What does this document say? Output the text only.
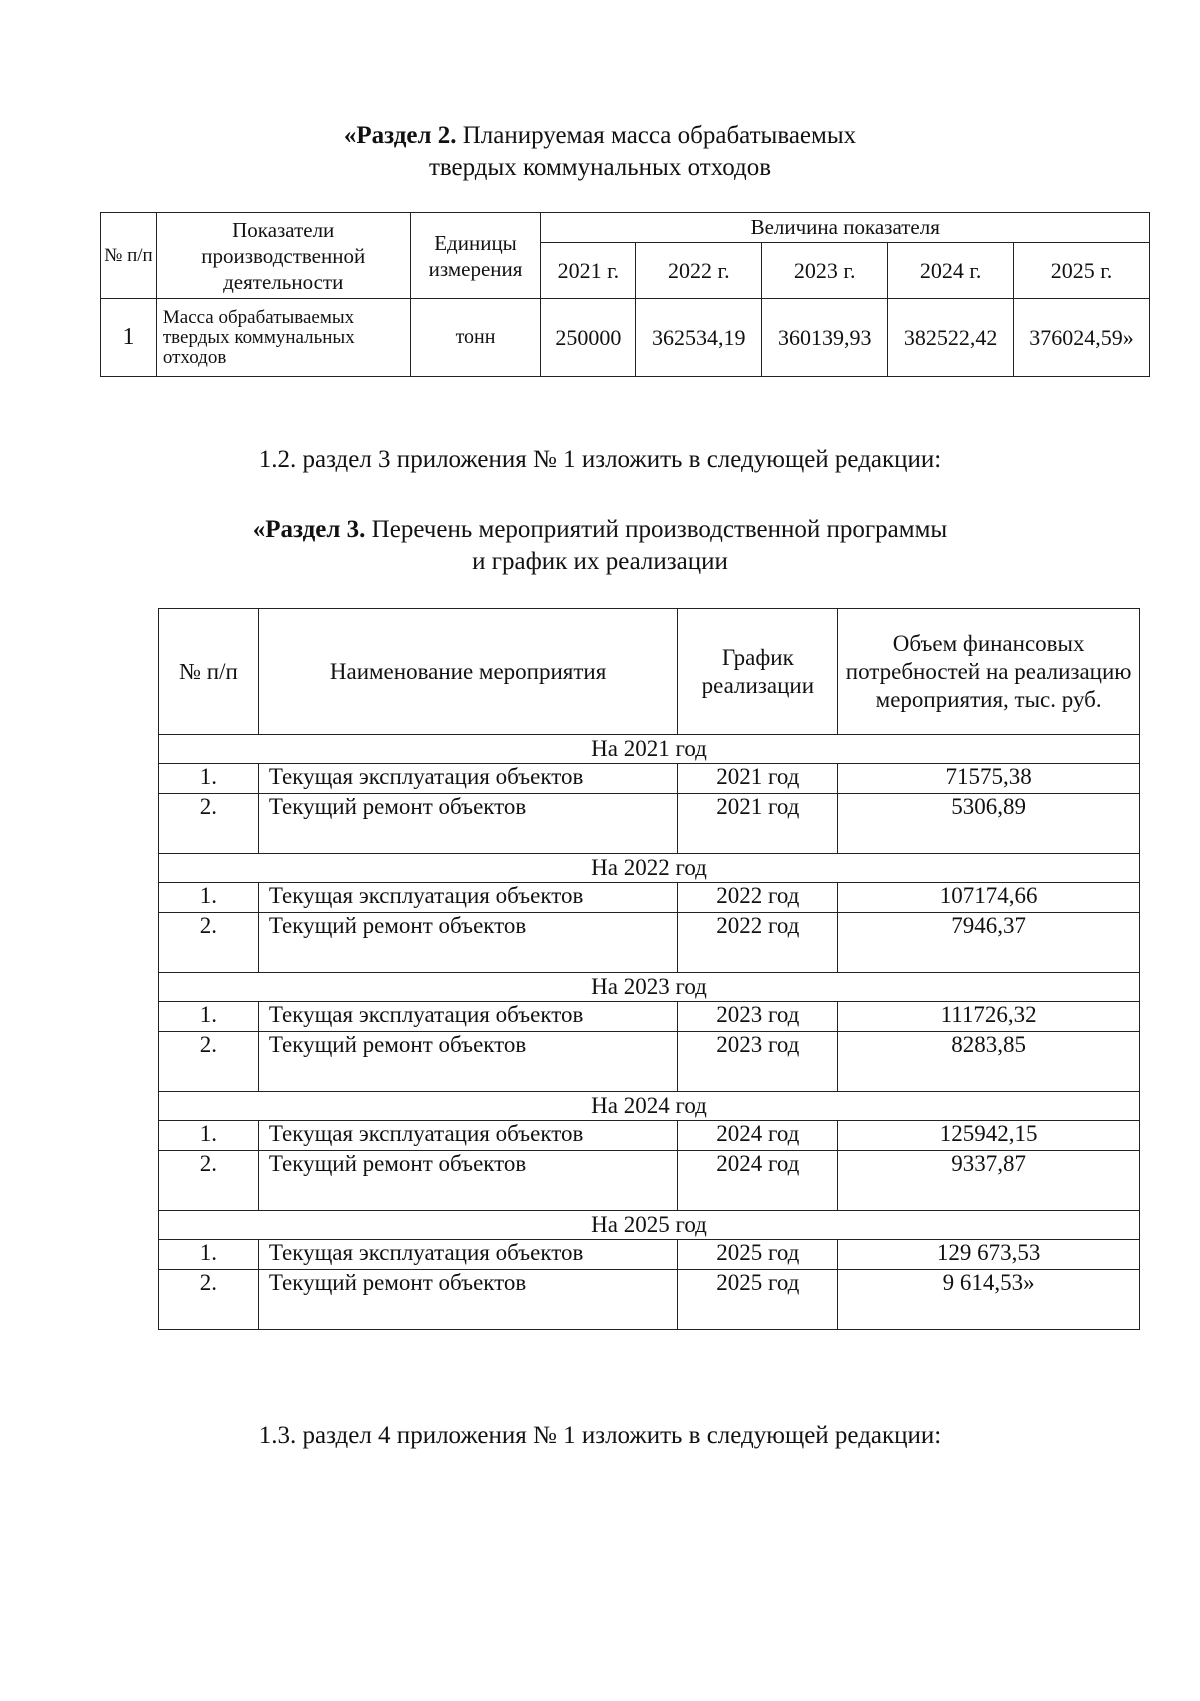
«Раздел 2. Планируемая масса обрабатываемых
твердых коммунальных отходов
№ п/п	Показатели производственной деятельности	Единицы измерения	Величина показателя				
			2021 г.	2022 г.	2023 г.	2024 г.	2025 г.
1	Масса обрабатываемых твердых коммунальных отходов	тонн	250000	362534,19	360139,93	382522,42	376024,59»
1.2. раздел 3 приложения № 1 изложить в следующей редакции:
«Раздел 3. Перечень мероприятий производственной программы
и график их реализации
№ п/п	Наименование мероприятия	График реализации	Объем финансовых потребностей на реализацию мероприятия, тыс. руб.
На 2021 год			
1.	Текущая эксплуатация объектов	2021 год	71575,38
2.	Текущий ремонт объектов	2021 год	5306,89
На 2022 год			
1.	Текущая эксплуатация объектов	2022 год	107174,66
2.	Текущий ремонт объектов	2022 год	7946,37
На 2023 год			
1.	Текущая эксплуатация объектов	2023 год	111726,32
2.	Текущий ремонт объектов	2023 год	8283,85
На 2024 год			
1.	Текущая эксплуатация объектов	2024 год	125942,15
2.	Текущий ремонт объектов	2024 год	9337,87
На 2025 год			
1.	Текущая эксплуатация объектов	2025 год	129 673,53
2.	Текущий ремонт объектов	2025 год	9 614,53»
1.3. раздел 4 приложения № 1 изложить в следующей редакции:
